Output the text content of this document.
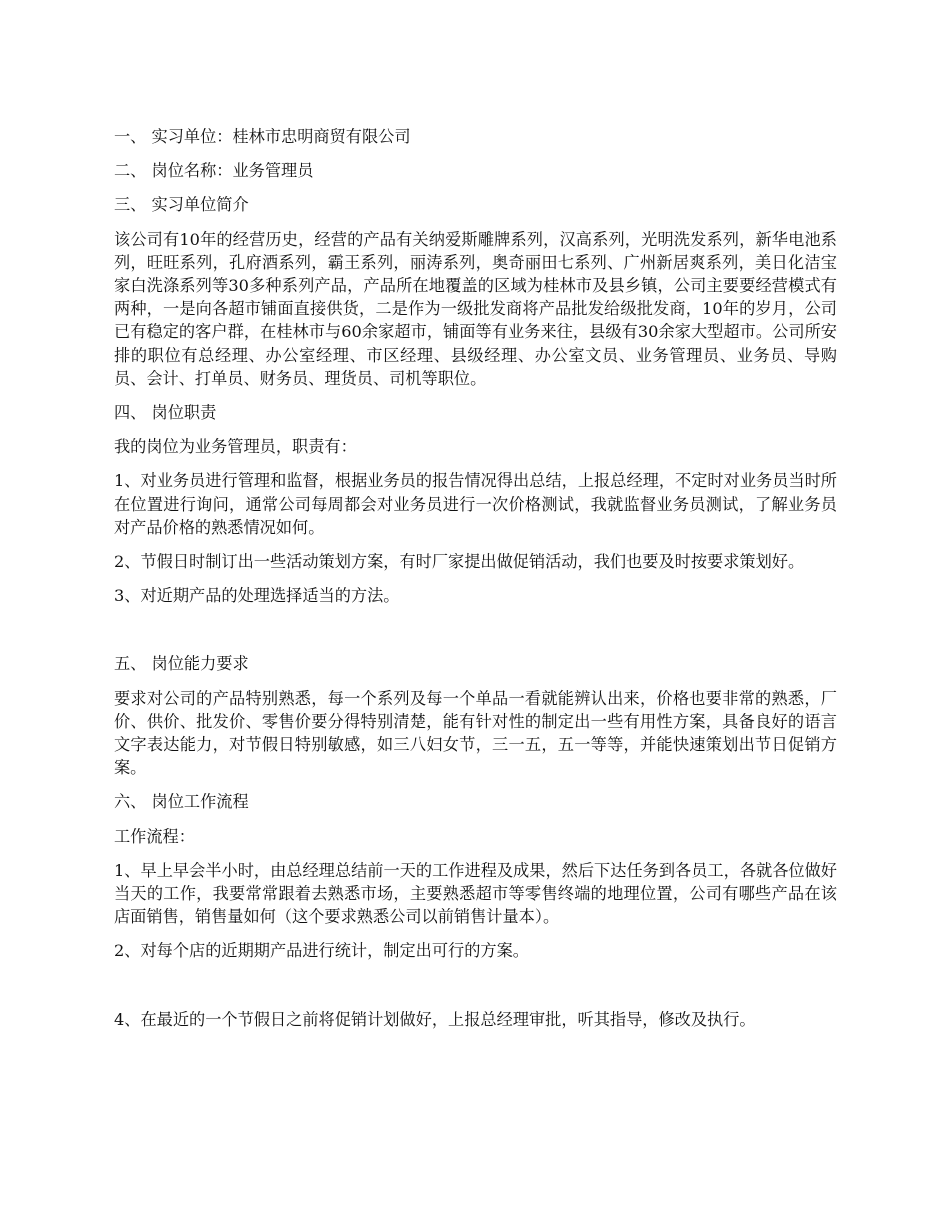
一、 实习单位：桂林市忠明商贸有限公司

二、 岗位名称：业务管理员

三、 实习单位简介

该公司有10年的经营历史，经营的产品有关纳爱斯雕牌系列，汉高系列，光明洗发系列，新华电池系列，旺旺系列，孔府酒系列，霸王系列，丽涛系列，奥奇丽田七系列、广州新居爽系列，美日化洁宝家白洗涤系列等30多种系列产品，产品所在地覆盖的区域为桂林市及县乡镇，公司主要要经营模式有两种，一是向各超市铺面直接供货，二是作为一级批发商将产品批发给级批发商，10年的岁月，公司已有稳定的客户群，在桂林市与60余家超市，铺面等有业务来往，县级有30余家大型超市。公司所安排的职位有总经理、办公室经理、市区经理、县级经理、办公室文员、业务管理员、业务员、导购员、会计、打单员、财务员、理货员、司机等职位。

四、 岗位职责

我的岗位为业务管理员，职责有：

1、对业务员进行管理和监督，根据业务员的报告情况得出总结，上报总经理，不定时对业务员当时所在位置进行询问，通常公司每周都会对业务员进行一次价格测试，我就监督业务员测试，了解业务员对产品价格的熟悉情况如何。

2、节假日时制订出一些活动策划方案，有时厂家提出做促销活动，我们也要及时按要求策划好。

3、对近期产品的处理选择适当的方法。

五、 岗位能力要求

要求对公司的产品特别熟悉，每一个系列及每一个单品一看就能辨认出来，价格也要非常的熟悉，厂价、供价、批发价、零售价要分得特别清楚，能有针对性的制定出一些有用性方案，具备良好的语言文字表达能力，对节假日特别敏感，如三八妇女节，三一五，五一等等，并能快速策划出节日促销方案。

六、 岗位工作流程

工作流程：

1、早上早会半小时，由总经理总结前一天的工作进程及成果，然后下达任务到各员工，各就各位做好当天的工作，我要常常跟着去熟悉市场，主要熟悉超市等零售终端的地理位置，公司有哪些产品在该店面销售，销售量如何（这个要求熟悉公司以前销售计量本）。

2、对每个店的近期期产品进行统计，制定出可行的方案。

4、在最近的一个节假日之前将促销计划做好，上报总经理审批，听其指导，修改及执行。
